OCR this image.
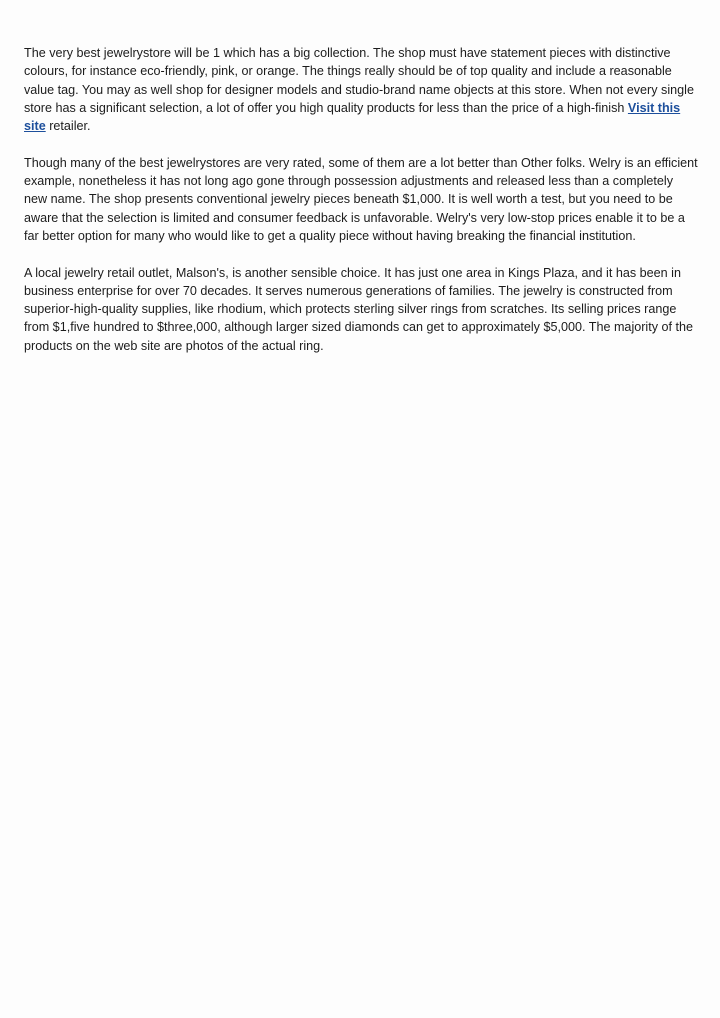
The very best jewelrystore will be 1 which has a big collection. The shop must have statement pieces with distinctive colours, for instance eco-friendly, pink, or orange. The things really should be of top quality and include a reasonable value tag. You may as well shop for designer models and studio-brand name objects at this store. When not every single store has a significant selection, a lot of offer you high quality products for less than the price of a high-finish Visit this site retailer.

Though many of the best jewelrystores are very rated, some of them are a lot better than Other folks. Welry is an efficient example, nonetheless it has not long ago gone through possession adjustments and released less than a completely new name. The shop presents conventional jewelry pieces beneath $1,000. It is well worth a test, but you need to be aware that the selection is limited and consumer feedback is unfavorable. Welry's very low-stop prices enable it to be a far better option for many who would like to get a quality piece without having breaking the financial institution.

A local jewelry retail outlet, Malson's, is another sensible choice. It has just one area in Kings Plaza, and it has been in business enterprise for over 70 decades. It serves numerous generations of families. The jewelry is constructed from superior-high-quality supplies, like rhodium, which protects sterling silver rings from scratches. Its selling prices range from $1,five hundred to $three,000, although larger sized diamonds can get to approximately $5,000. The majority of the products on the web site are photos of the actual ring.
